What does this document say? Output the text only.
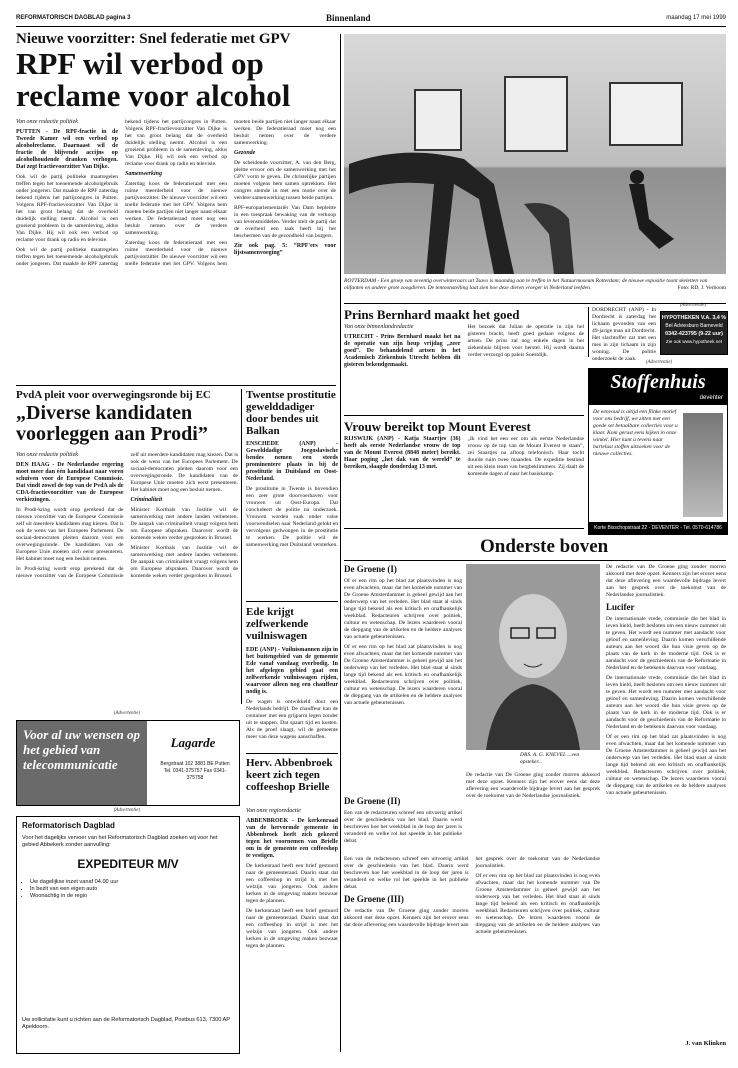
REFORMATORISCH DAGBLAD pagina 3	Binnenland	maandag 17 mei 1999
Nieuwe voorzitter: Snel federatie met GPV
RPF wil verbod op reclame voor alcohol

Van onze redactie politiek

PUTTEN - De RPF-fractie in de Tweede Kamer wil een verbod op alcoholreclame. Daarnaast wil de fractie de blijvende accijns op alcoholhoudende dranken verhogen. Dat zegt fractievoorzitter Van Dijke.

Ook wil de partij politieke maatregelen treffen tegen het toenemende alcoholgebruik onder jongeren. Dat maakte de RPF zaterdag bekend tijdens het partijcongres in Putten. Volgens RPF-fractievoorzitter Van Dijke is het van groot belang dat de overheid duidelijk stelling neemt. Alcohol is een groeiend probleem in de samenleving, aldus Van Dijke. Hij wil ook een verbod op reclame voor drank op radio en televisie.

Ook wil de partij politieke maatregelen treffen tegen het toenemende alcoholgebruik onder jongeren. Dat maakte de RPF zaterdag bekend tijdens het partijcongres in Putten. Volgens RPF-fractievoorzitter Van Dijke is het van groot belang dat de overheid duidelijk stelling neemt. Alcohol is een groeiend probleem in de samenleving, aldus Van Dijke. Hij wil ook een verbod op reclame voor drank op radio en televisie.

Samenwerking

Zaterdag koos de federatieraad met een ruime meerderheid voor de nieuwe partijvoorzitter. De nieuwe voorzitter wil een snelle federatie met het GPV. Volgens hem moeten beide partijen niet langer naast elkaar werken. De federatieraad moet nog een besluit nemen over de verdere samenwerking.

Zaterdag koos de federatieraad met een ruime meerderheid voor de nieuwe partijvoorzitter. De nieuwe voorzitter wil een snelle federatie met het GPV. Volgens hem moeten beide partijen niet langer naast elkaar werken. De federatieraad moet nog een besluit nemen over de verdere samenwerking.

Gezonde

De scheidende voorzitter, A. van den Berg, pleitte ervoor om de samenwerking met het GPV vorm te geven. De christelijke partijen moeten volgens hem samen optrekken. Het congres stemde in met een motie over de verdere samenwerking tussen beide partijen.

RPF-europarlementariër Van Dam bepleitte in een toespraak bewaking van de verkoop van levensmiddelen. Verder stelt de partij dat de overheid een taak heeft bij het beschermen van de gezondheid van burgers.

Zie ook pag. 5: “RPF'ers voor lijstsamenvoeging”

ROTTERDAM - Een groep van zeventig overwinteraars uit Tsavo is maandag aan te treffen in het Natuurmuseum Rotterdam; de nieuwe expositie toont skeletten van olifanten en andere grote zoogdieren. De tentoonstelling laat zien hoe deze dieren vroeger in Nederland leefden.	Foto: RD, J. Verboom
PvdA pleit voor overwegingsronde bij EC
„Diverse kandidaten voorleggen aan Prodi”

Van onze redactie politiek

DEN HAAG - De Nederlandse regering moet meer dan één kandidaat naar voren schuiven voor de Europese Commissie. Dat vindt zowel de top van de PvdA als de CDA-fractievoorzitter van de Europese verkiezingen.

In Prodi-kring wordt erop gerekend dat de nieuwe voorzitter van de Europese Commissie zelf uit meerdere kandidaten mag kiezen. Dat is ook de wens van het Europees Parlement. De sociaal-democraten pleiten daarom voor een overwegingsronde. De kandidaten van de Europese Unie moeten zich eerst presenteren. Het kabinet moet nog een besluit nemen.

In Prodi-kring wordt erop gerekend dat de nieuwe voorzitter van de Europese Commissie zelf uit meerdere kandidaten mag kiezen. Dat is ook de wens van het Europees Parlement. De sociaal-democraten pleiten daarom voor een overwegingsronde. De kandidaten van de Europese Unie moeten zich eerst presenteren. Het kabinet moet nog een besluit nemen.

Criminaliteit

Minister Korthals van Justitie wil de samenwerking met andere landen verbeteren. De aanpak van criminaliteit vraagt volgens hem om Europese afspraken. Daarover wordt de komende weken verder gesproken in Brussel.

Minister Korthals van Justitie wil de samenwerking met andere landen verbeteren. De aanpak van criminaliteit vraagt volgens hem om Europese afspraken. Daarover wordt de komende weken verder gesproken in Brussel.

Twentse prostitutie gewelddadiger door bendes uit Balkan

ENSCHEDE (ANP) - Gewelddadige Joegoslavische bendes nemen een steeds prominentere plaats in bij de prostitutie in Duitsland en Oost-Nederland.

De prostitutie in Twente is bovendien een zeer grote doorvoerhaven voor vrouwen uit Oost-Europa. Dat concludeert de politie na onderzoek. Vrouwen worden vaak onder valse voorwendselen naar Nederland gelokt en vervolgens gedwongen in de prostitutie te werken. De politie wil de samenwerking met Duitsland versterken.

Ede krijgt zelfwerkende vuilniswagen

EDE (ANP) - Vuilnismannen zijn in het buitengebied van de gemeente Ede vanaf vandaag overbodig. In het afgelegen gebied gaat een zelfwerkende vuilniswagen rijden, waarvoor alleen nog een chauffeur nodig is.

De wagen is ontwikkeld door een Nederlands bedrijf. De chauffeur kan de container met een grijparm legen zonder uit te stappen. Dat spaart tijd en kosten. Als de proef slaagt, wil de gemeente meer van deze wagens aanschaffen.

Herv. Abbenbroek keert zich tegen coffeeshop Brielle

Van onze regioredactie

ABBENBROEK - De kerkenraad van de hervormde gemeente in Abbenbroek heeft zich gekeerd tegen het voornemen van Brielle om in de gemeente een coffeeshop te vestigen.

De kerkenraad heeft een brief gestuurd naar de gemeenteraad. Daarin staat dat een coffeeshop in strijd is met het welzijn van jongeren. Ook andere kerken in de omgeving maken bezwaar tegen de plannen.

De kerkenraad heeft een brief gestuurd naar de gemeenteraad. Daarin staat dat een coffeeshop in strijd is met het welzijn van jongeren. Ook andere kerken in de omgeving maken bezwaar tegen de plannen.

(Advertentie)
Voor al uw wensen op het gebied van telecommunicatie
Lagarde
Bergstraat 102 3881 BE Putten Tel. 0341-375757 Fax 0341-375758
(Advertentie)
Reformatorisch Dagblad
Voor het dagelijks vervoer van het Reformatorisch Dagblad zoeken wij voor het gebied Abbekerk zonder aanvulling:
EXPEDITEUR M/V
• Uw dagelijkse inzet vanaf 04.00 uur
• In bezit van een eigen auto
• Woonachtig in de regio
Uw sollicitatie kunt u richten aan de Reformatorisch Dagblad, Postbus 613, 7300 AP Apeldoorn.
Prins Bernhard maakt het goed

Van onze binnenlandredactie

UTRECHT - Prins Bernhard maakt het na de operatie van zijn heup vrijdag „zeer goed”. De behandelend artsen in het Academisch Ziekenhuis Utrecht hebben dit gisteren bekendgemaakt.

Het bezoek dat Julian de operatie in zijn hel gisteren bracht, heeft goed gedaan volgens de artsen. De prins zal nog enkele dagen in het ziekenhuis blijven voor herstel. Hij wordt daarna verder verzorgd op paleis Soestdijk.

Vrouw bereikt top Mount Everest

RIJSWIJK (ANP) - Katja Staartjes (36) heeft als eerste Nederlandse vrouw de top van de Mount Everest (8848 meter) bereikt. Haar poging „het dak van de wereld” te bereiken, slaagde donderdag 13 mei.

„Ik vind het een eer om als eerste Nederlandse vrouw op de top van de Mount Everest te staan”, zei Staartjes na afloop telefonisch. Haar tocht duurde ruim twee maanden. De expeditie bestond uit een klein team van bergbeklimmers. Zij daalt de komende dagen af naar het basiskamp.

DORDRECHT (ANP) - In Dordrecht is zaterdag het lichaam gevonden van een 49-jarige man uit Dordrecht. Het slachtoffer zat met een mes in zijn lichaam in zijn woning. De politie onderzoekt de zaak.

(Advertentie)
HYPOTHEKEN V.A. 3,4 %
Bel Adviesburo Barneveld
0342-423795 (9-22 uur)
Zie ook www.hypotheek.net
(Advertentie)
Stoffenhuis
deventer
De eenvoud is altijd een flinke motief voor ons bedrijf, we zitten met een goede set betaalbare collecties voor u klaar. Kom gerust eens kijken in onze winkel. Hier kunt u tevens naar hartelust stoffen uitzoeken voor de nieuwe collecties.
Korte Bisschopstraat 22 - DEVENTER - Tel. 0570-614786
Onderste boven

De Groene (I)

Of er een rim op het blad zat plaatsvinden is nog even afwachten, maar dat het komende nummer van De Groene Amsterdammer is geheel gewijd aan het onderwerp van het verleden. Het blad staat al sinds lange tijd bekend als een kritisch en onafhankelijk weekblad. Redacteuren schrijven over politiek, cultuur en wetenschap. De lezers waarderen vooral de diepgang van de artikelen en de heldere analyses van actuele gebeurtenissen.

Of er een rim op het blad zat plaatsvinden is nog even afwachten, maar dat het komende nummer van De Groene Amsterdammer is geheel gewijd aan het onderwerp van het verleden. Het blad staat al sinds lange tijd bekend als een kritisch en onafhankelijk weekblad. Redacteuren schrijven over politiek, cultuur en wetenschap. De lezers waarderen vooral de diepgang van de artikelen en de heldere analyses van actuele gebeurtenissen.

DRS. A. G. KNEVEL ...een opsteker...

De redactie van De Groene ging zonder morren akkoord met deze opzet. Kenners zijn het erover eens dat deze aflevering een waardevolle bijdrage levert aan het gesprek over de toekomst van de Nederlandse journalistiek.

De Groene (II)

Een van de redacteuren schreef een uitvoerig artikel over de geschiedenis van het blad. Daarin werd beschreven hoe het weekblad in de loop der jaren is veranderd en welke rol het speelde in het publieke debat.

Een van de redacteuren schreef een uitvoerig artikel over de geschiedenis van het blad. Daarin werd beschreven hoe het weekblad in de loop der jaren is veranderd en welke rol het speelde in het publieke debat.

De Groene (III)

De redactie van De Groene ging zonder morren akkoord met deze opzet. Kenners zijn het erover eens dat deze aflevering een waardevolle bijdrage levert aan het gesprek over de toekomst van de Nederlandse journalistiek.

Of er een rim op het blad zat plaatsvinden is nog even afwachten, maar dat het komende nummer van De Groene Amsterdammer is geheel gewijd aan het onderwerp van het verleden. Het blad staat al sinds lange tijd bekend als een kritisch en onafhankelijk weekblad. Redacteuren schrijven over politiek, cultuur en wetenschap. De lezers waarderen vooral de diepgang van de artikelen en de heldere analyses van actuele gebeurtenissen.

De redactie van De Groene ging zonder morren akkoord met deze opzet. Kenners zijn het erover eens dat deze aflevering een waardevolle bijdrage levert aan het gesprek over de toekomst van de Nederlandse journalistiek.

Lucifer

De internationale vrede, commissie die het blad in leven hield, heeft besloten om een nieuw nummer uit te geven. Het wordt een nummer met aandacht voor geloof en samenleving. Daarin komen verschillende auteurs aan het woord die hun visie geven op de plaats van de kerk in de moderne tijd. Ook is er aandacht voor de geschiedenis van de Reformatie in Nederland en de betekenis daarvan voor vandaag.

De internationale vrede, commissie die het blad in leven hield, heeft besloten om een nieuw nummer uit te geven. Het wordt een nummer met aandacht voor geloof en samenleving. Daarin komen verschillende auteurs aan het woord die hun visie geven op de plaats van de kerk in de moderne tijd. Ook is er aandacht voor de geschiedenis van de Reformatie in Nederland en de betekenis daarvan voor vandaag.

Of er een rim op het blad zat plaatsvinden is nog even afwachten, maar dat het komende nummer van De Groene Amsterdammer is geheel gewijd aan het onderwerp van het verleden. Het blad staat al sinds lange tijd bekend als een kritisch en onafhankelijk weekblad. Redacteuren schrijven over politiek, cultuur en wetenschap. De lezers waarderen vooral de diepgang van de artikelen en de heldere analyses van actuele gebeurtenissen.

J. van Klinken
